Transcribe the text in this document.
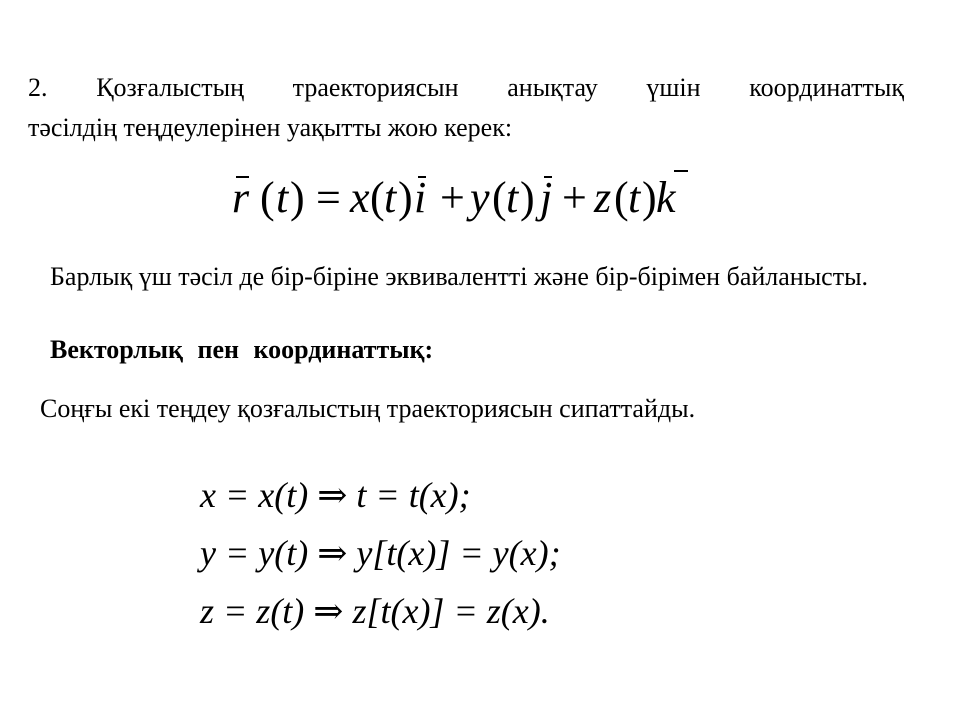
2. Қозғалыстың траекториясын анықтау үшін координаттық
тәсілдің теңдеулерінен уақытты жою керек:
r ( t ) = x ( t ) i + y ( t ) j + z ( t ) k
Барлық үш тәсіл де бір-біріне эквивалентті және бір-бірімен байланысты.
Векторлық пен координаттық:
Соңғы екі теңдеу қозғалыстың траекториясын сипаттайды.
x = x(t) ⇒ t = t(x);
y = y(t) ⇒ y[t(x)] = y(x);
z = z(t) ⇒ z[t(x)] = z(x).
